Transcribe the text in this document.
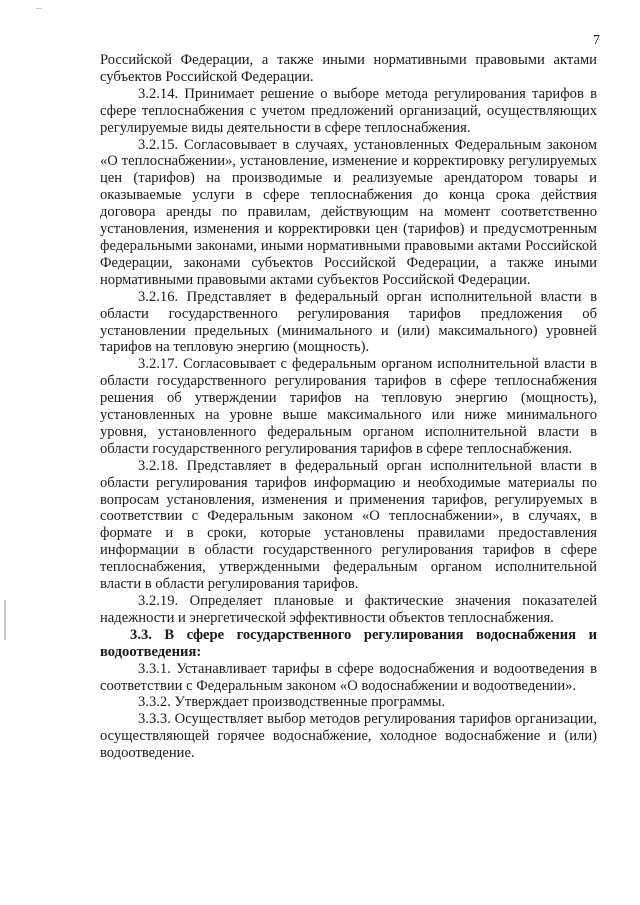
7

Российской Федерации, а также иными нормативными правовыми актами субъектов Российской Федерации.

3.2.14. Принимает решение о выборе метода регулирования тарифов в сфере теплоснабжения с учетом предложений организаций, осуществляющих регулируемые виды деятельности в сфере теплоснабжения.

3.2.15. Согласовывает в случаях, установленных Федеральным законом «О теплоснабжении», установление, изменение и корректировку регулируемых цен (тарифов) на производимые и реализуемые арендатором товары и оказываемые услуги в сфере теплоснабжения до конца срока действия договора аренды по правилам, действующим на момент соответственно установления, изменения и корректировки цен (тарифов) и предусмотренным федеральными законами, иными нормативными правовыми актами Российской Федерации, законами субъектов Российской Федерации, а также иными нормативными правовыми актами субъектов Российской Федерации.

3.2.16. Представляет в федеральный орган исполнительной власти в области государственного регулирования тарифов предложения об установлении предельных (минимального и (или) максимального) уровней тарифов на тепловую энергию (мощность).

3.2.17. Согласовывает с федеральным органом исполнительной власти в области государственного регулирования тарифов в сфере теплоснабжения решения об утверждении тарифов на тепловую энергию (мощность), установленных на уровне выше максимального или ниже минимального уровня, установленного федеральным органом исполнительной власти в области государственного регулирования тарифов в сфере теплоснабжения.

3.2.18. Представляет в федеральный орган исполнительной власти в области регулирования тарифов информацию и необходимые материалы по вопросам установления, изменения и применения тарифов, регулируемых в соответствии с Федеральным законом «О теплоснабжении», в случаях, в формате и в сроки, которые установлены правилами предоставления информации в области государственного регулирования тарифов в сфере теплоснабжения, утвержденными федеральным органом исполнительной власти в области регулирования тарифов.

3.2.19. Определяет плановые и фактические значения показателей надежности и энергетической эффективности объектов теплоснабжения.

3.3. В сфере государственного регулирования водоснабжения и водоотведения:

3.3.1. Устанавливает тарифы в сфере водоснабжения и водоотведения в соответствии с Федеральным законом «О водоснабжении и водоотведении».

3.3.2. Утверждает производственные программы.

3.3.3. Осуществляет выбор методов регулирования тарифов организации, осуществляющей горячее водоснабжение, холодное водоснабжение и (или) водоотведение.
